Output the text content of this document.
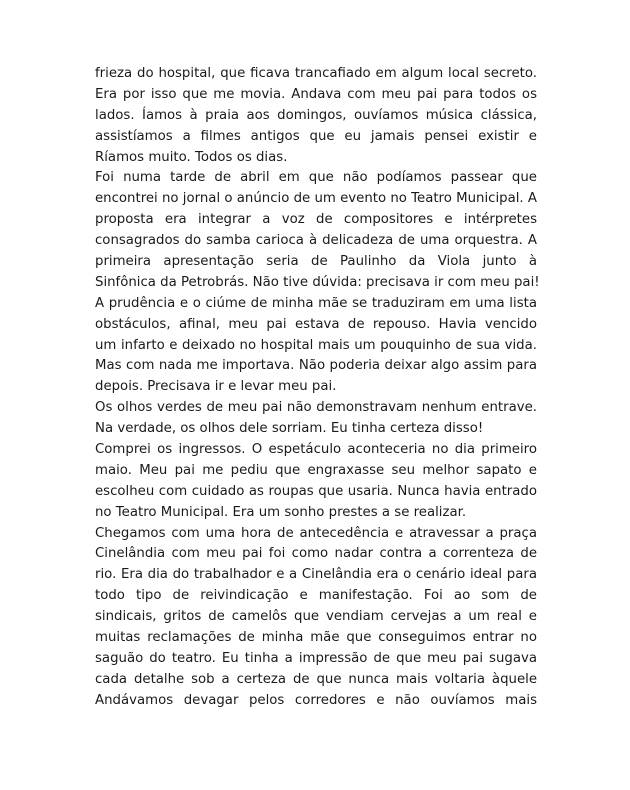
frieza do hospital, que ficava trancafiado em algum local secreto.
Era por isso que me movia. Andava com meu pai para todos os
lados. Íamos à praia aos domingos, ouvíamos música clássica,
assistíamos a filmes antigos que eu jamais pensei existir e
Ríamos muito. Todos os dias.
Foi numa tarde de abril em que não podíamos passear que
encontrei no jornal o anúncio de um evento no Teatro Municipal. A
proposta era integrar a voz de compositores e intérpretes
consagrados do samba carioca à delicadeza de uma orquestra. A
primeira apresentação seria de Paulinho da Viola junto à
Sinfônica da Petrobrás. Não tive dúvida: precisava ir com meu pai!
A prudência e o ciúme de minha mãe se traduziram em uma lista
obstáculos, afinal, meu pai estava de repouso. Havia vencido
um infarto e deixado no hospital mais um pouquinho de sua vida.
Mas com nada me importava. Não poderia deixar algo assim para
depois. Precisava ir e levar meu pai.
Os olhos verdes de meu pai não demonstravam nenhum entrave.
Na verdade, os olhos dele sorriam. Eu tinha certeza disso!
Comprei os ingressos. O espetáculo aconteceria no dia primeiro
maio. Meu pai me pediu que engraxasse seu melhor sapato e
escolheu com cuidado as roupas que usaria. Nunca havia entrado
no Teatro Municipal. Era um sonho prestes a se realizar.
Chegamos com uma hora de antecedência e atravessar a praça
Cinelândia com meu pai foi como nadar contra a correnteza de
rio. Era dia do trabalhador e a Cinelândia era o cenário ideal para
todo tipo de reivindicação e manifestação. Foi ao som de
sindicais, gritos de camelôs que vendiam cervejas a um real e
muitas reclamações de minha mãe que conseguimos entrar no
saguão do teatro. Eu tinha a impressão de que meu pai sugava
cada detalhe sob a certeza de que nunca mais voltaria àquele
Andávamos devagar pelos corredores e não ouvíamos mais
